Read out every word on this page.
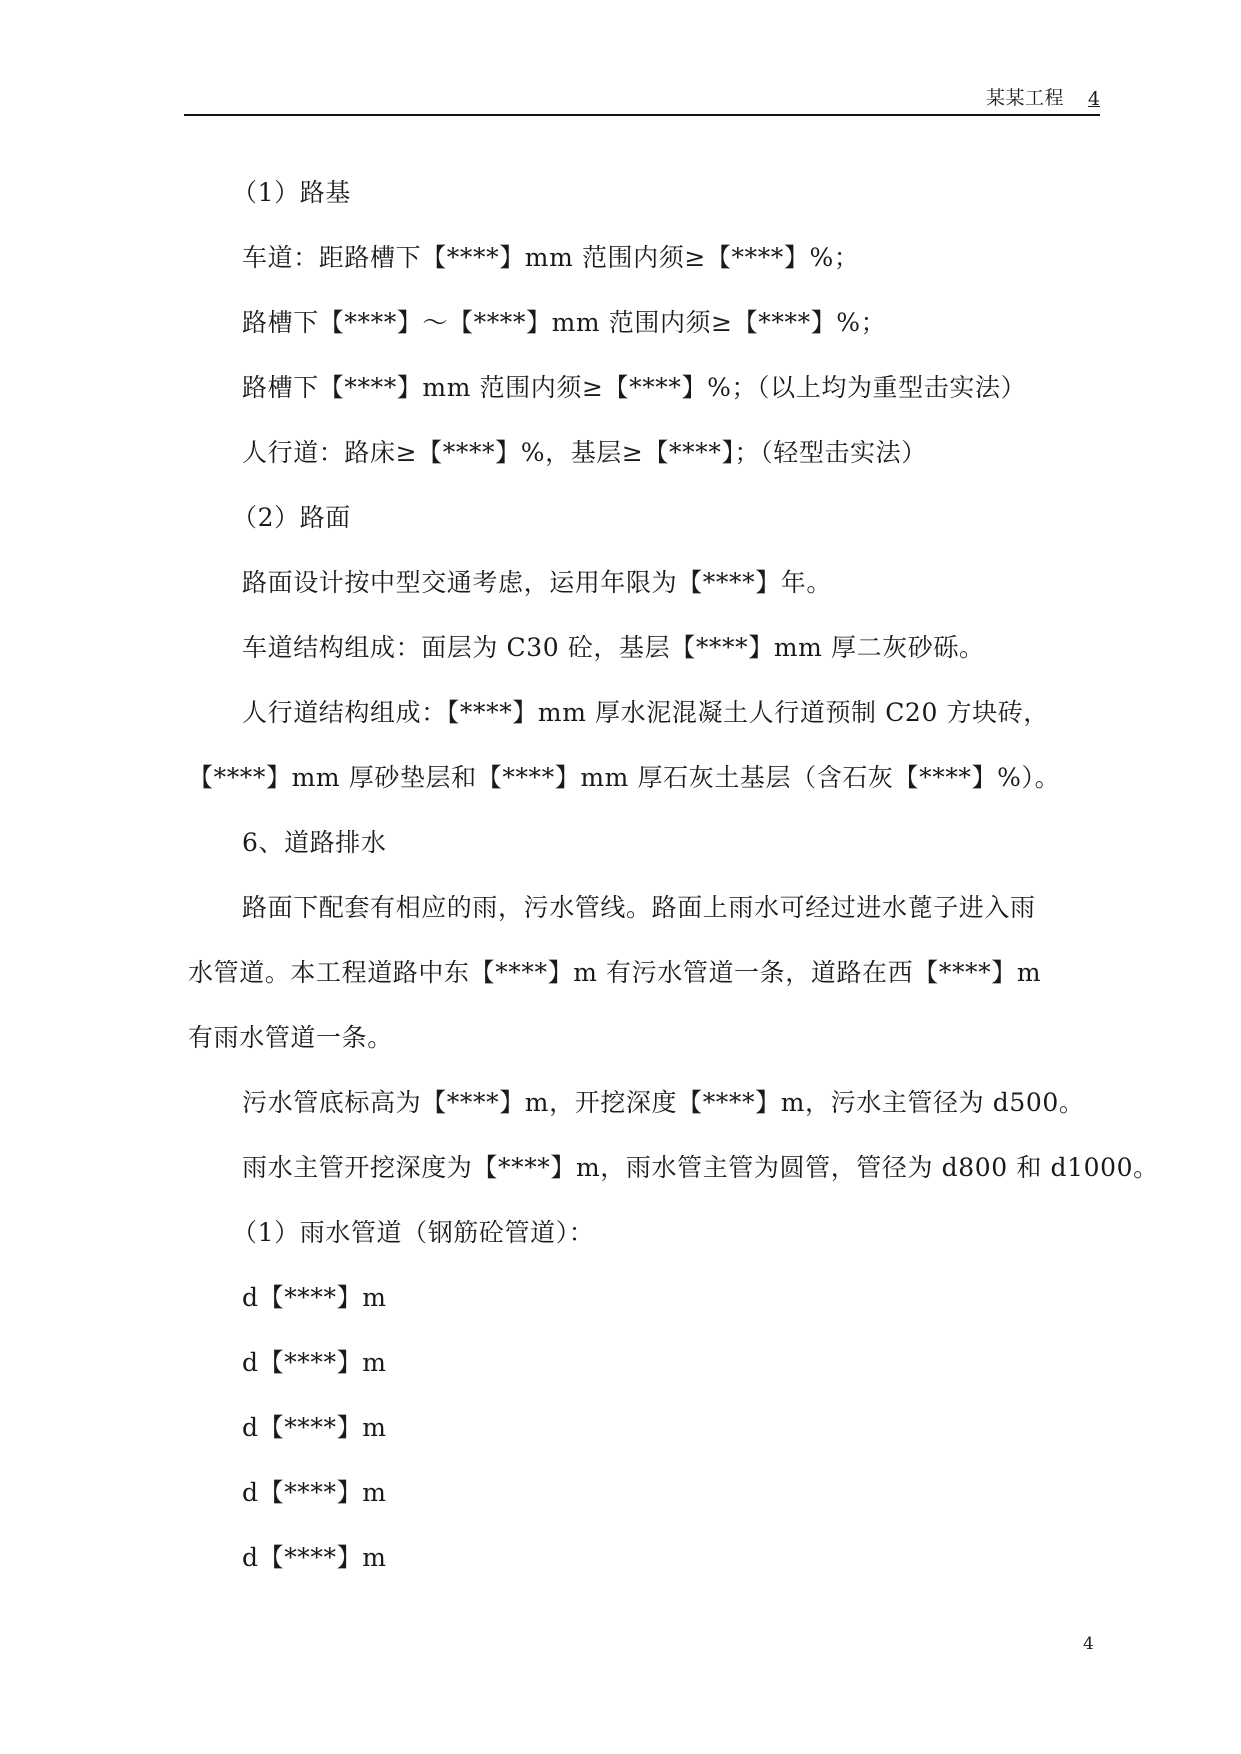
某某工程 4
（1）路基
车道：距路槽下【****】mm 范围内须≥【****】%；
路槽下【****】～【****】mm 范围内须≥【****】%；
路槽下【****】mm 范围内须≥【****】%；（以上均为重型击实法）
人行道：路床≥【****】%，基层≥【****】；（轻型击实法）
（2）路面
路面设计按中型交通考虑，运用年限为【****】年。
车道结构组成：面层为 C30 砼，基层【****】mm 厚二灰砂砾。
人行道结构组成：【****】mm 厚水泥混凝土人行道预制 C20 方块砖，
【****】mm 厚砂垫层和【****】mm 厚石灰土基层（含石灰【****】%）。
6、道路排水
路面下配套有相应的雨，污水管线。路面上雨水可经过进水蓖子进入雨
水管道。本工程道路中东【****】m 有污水管道一条，道路在西【****】m
有雨水管道一条。
污水管底标高为【****】m，开挖深度【****】m，污水主管径为 d500。
雨水主管开挖深度为【****】m，雨水管主管为圆管，管径为 d800 和 d1000。
（1）雨水管道（钢筋砼管道）：
d【****】m
d【****】m
d【****】m
d【****】m
d【****】m
4
